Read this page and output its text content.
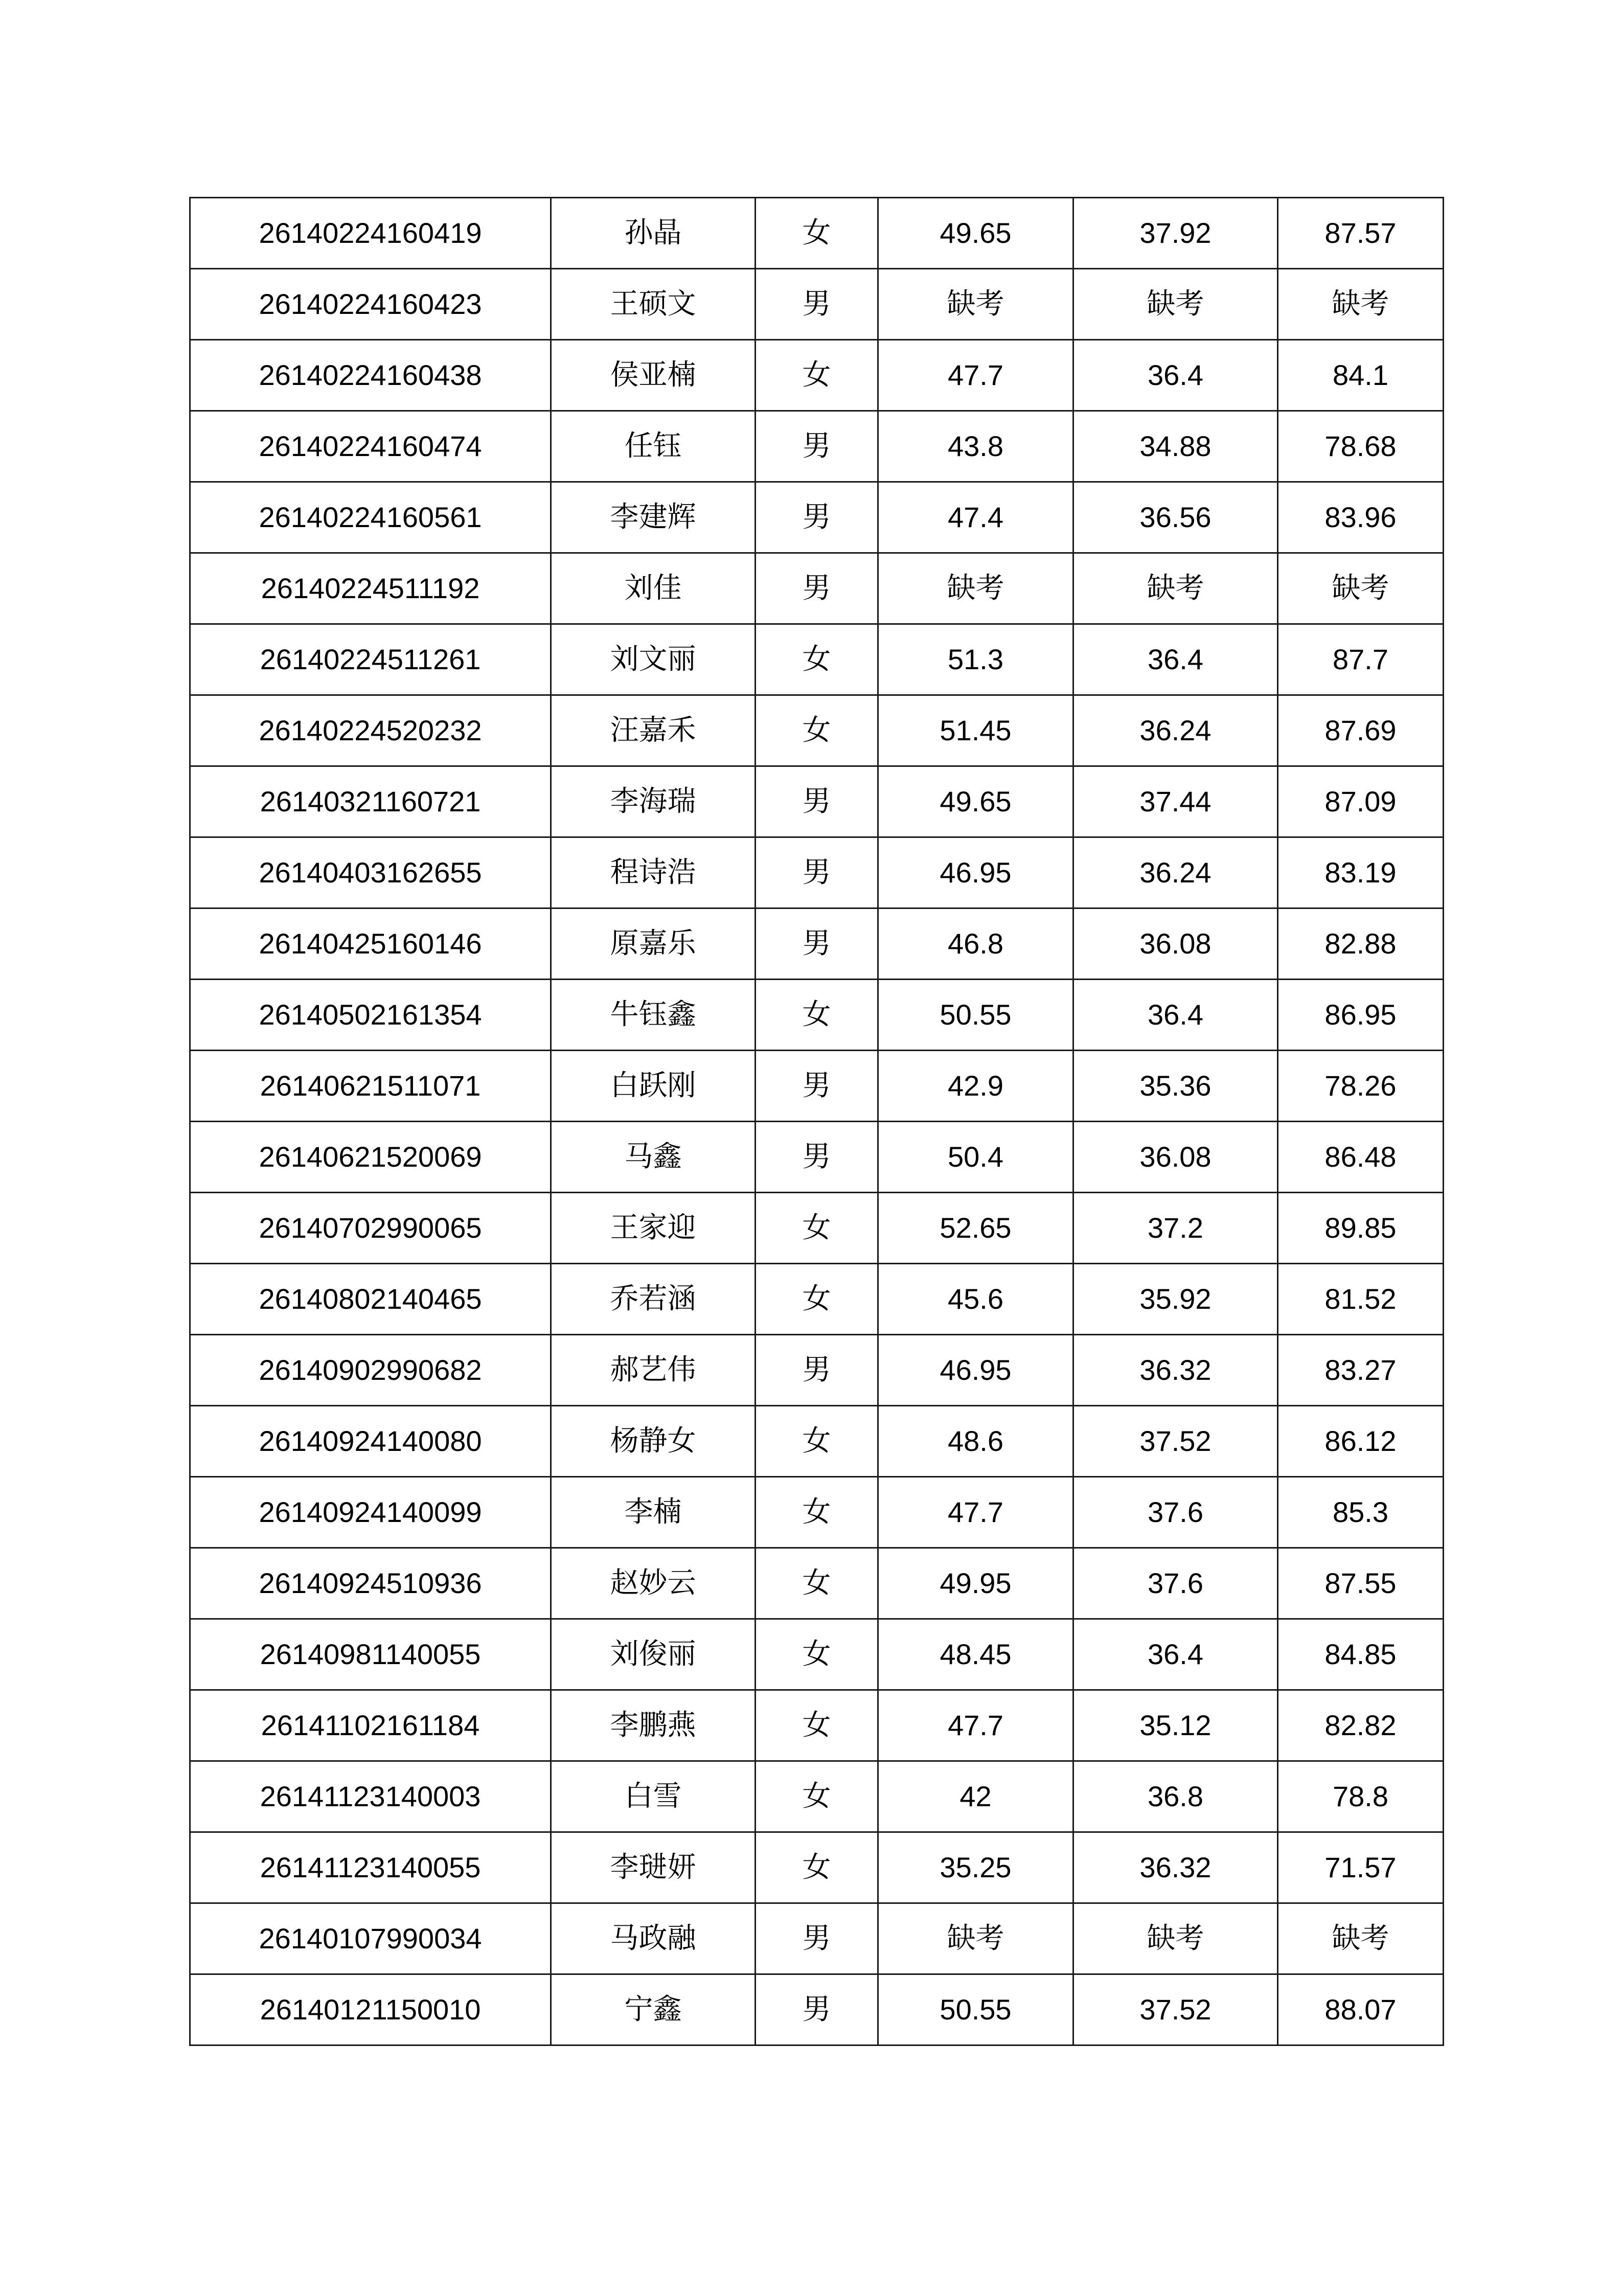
26140224160419	孙晶	女	49.65	37.92	87.57
26140224160423	王硕文	男	缺考	缺考	缺考
26140224160438	侯亚楠	女	47.7	36.4	84.1
26140224160474	任钰	男	43.8	34.88	78.68
26140224160561	李建辉	男	47.4	36.56	83.96
26140224511192	刘佳	男	缺考	缺考	缺考
26140224511261	刘文丽	女	51.3	36.4	87.7
26140224520232	汪嘉禾	女	51.45	36.24	87.69
26140321160721	李海瑞	男	49.65	37.44	87.09
26140403162655	程诗浩	男	46.95	36.24	83.19
26140425160146	原嘉乐	男	46.8	36.08	82.88
26140502161354	牛钰鑫	女	50.55	36.4	86.95
26140621511071	白跃刚	男	42.9	35.36	78.26
26140621520069	马鑫	男	50.4	36.08	86.48
26140702990065	王家迎	女	52.65	37.2	89.85
26140802140465	乔若涵	女	45.6	35.92	81.52
26140902990682	郝艺伟	男	46.95	36.32	83.27
26140924140080	杨静女	女	48.6	37.52	86.12
26140924140099	李楠	女	47.7	37.6	85.3
26140924510936	赵妙云	女	49.95	37.6	87.55
26140981140055	刘俊丽	女	48.45	36.4	84.85
26141102161184	李鹏燕	女	47.7	35.12	82.82
26141123140003	白雪	女	42	36.8	78.8
26141123140055	李琎妍	女	35.25	36.32	71.57
26140107990034	马政融	男	缺考	缺考	缺考
26140121150010	宁鑫	男	50.55	37.52	88.07
